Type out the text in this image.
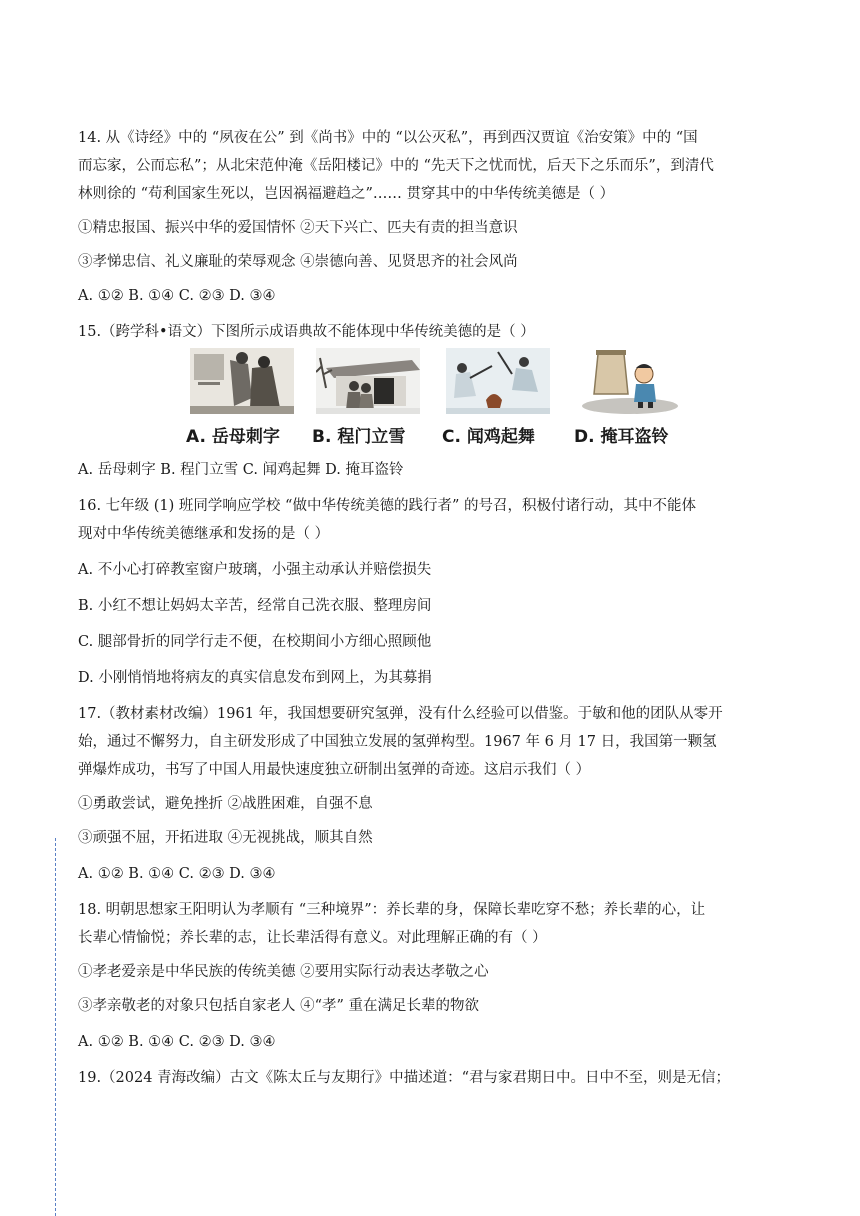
14. 从《诗经》中的 “夙夜在公” 到《尚书》中的 “以公灭私”，再到西汉贾谊《治安策》中的 “国
而忘家，公而忘私”；从北宋范仲淹《岳阳楼记》中的 “先天下之忧而忧，后天下之乐而乐”，到清代
林则徐的 “苟利国家生死以，岂因祸福避趋之”…… 贯穿其中的中华传统美德是（ ）
①精忠报国、振兴中华的爱国情怀 ②天下兴亡、匹夫有责的担当意识
③孝悌忠信、礼义廉耻的荣辱观念 ④崇德向善、见贤思齐的社会风尚
A. ①② B. ①④ C. ②③ D. ③④
15.（跨学科•语文）下图所示成语典故不能体现中华传统美德的是（ ）
A. 岳母刺字 B. 程门立雪 C. 闻鸡起舞 D. 掩耳盗铃
A. 岳母刺字 B. 程门立雪 C. 闻鸡起舞 D. 掩耳盗铃
16. 七年级 (1) 班同学响应学校 “做中华传统美德的践行者” 的号召，积极付诸行动，其中不能体
现对中华传统美德继承和发扬的是（ ）
A. 不小心打碎教室窗户玻璃，小强主动承认并赔偿损失
B. 小红不想让妈妈太辛苦，经常自己洗衣服、整理房间
C. 腿部骨折的同学行走不便，在校期间小方细心照顾他
D. 小刚悄悄地将病友的真实信息发布到网上，为其募捐
17.（教材素材改编）1961 年，我国想要研究氢弹，没有什么经验可以借鉴。于敏和他的团队从零开
始，通过不懈努力，自主研发形成了中国独立发展的氢弹构型。1967 年 6 月 17 日，我国第一颗氢
弹爆炸成功，书写了中国人用最快速度独立研制出氢弹的奇迹。这启示我们（ ）
①勇敢尝试，避免挫折 ②战胜困难，自强不息
③顽强不屈，开拓进取 ④无视挑战，顺其自然
A. ①② B. ①④ C. ②③ D. ③④
18. 明朝思想家王阳明认为孝顺有 “三种境界”：养长辈的身，保障长辈吃穿不愁；养长辈的心，让
长辈心情愉悦；养长辈的志，让长辈活得有意义。对此理解正确的有（ ）
①孝老爱亲是中华民族的传统美德 ②要用实际行动表达孝敬之心
③孝亲敬老的对象只包括自家老人 ④“孝” 重在满足长辈的物欲
A. ①② B. ①④ C. ②③ D. ③④
19.（2024 青海改编）古文《陈太丘与友期行》中描述道：“君与家君期日中。日中不至，则是无信；
